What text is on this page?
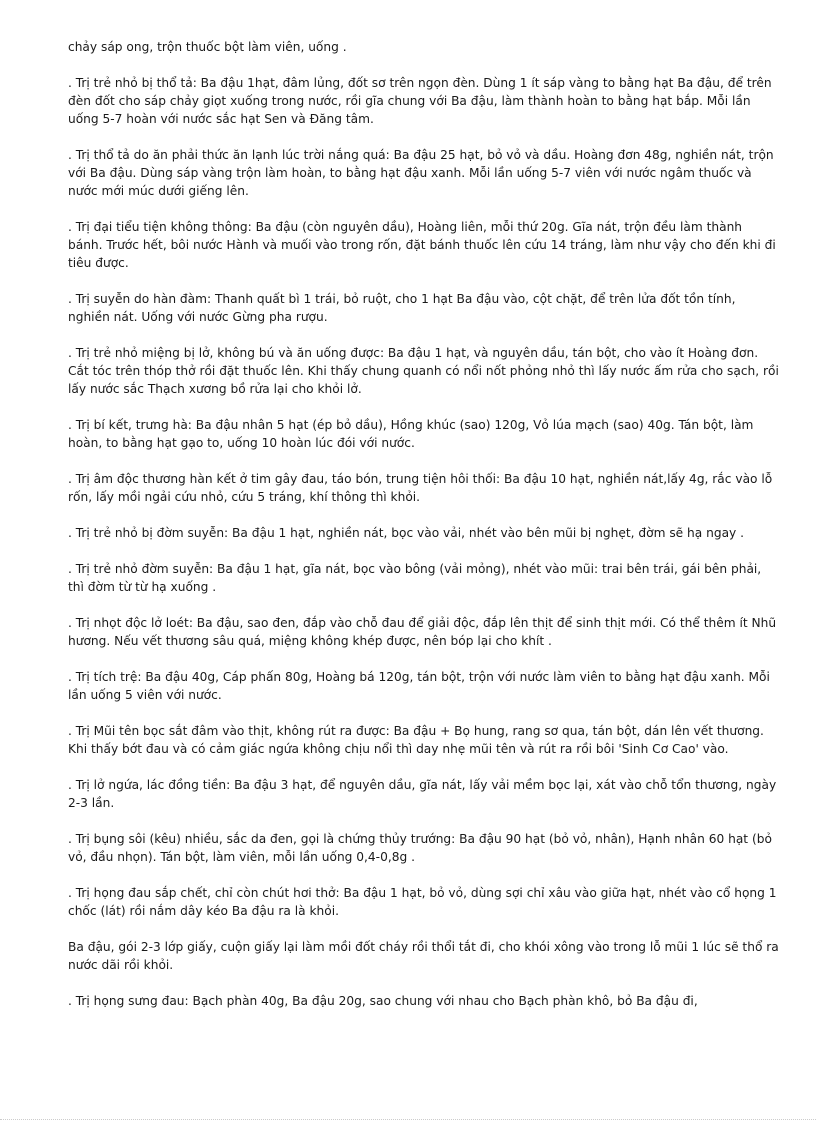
chảy sáp ong, trộn thuốc bột làm viên, uống .

. Trị trẻ nhỏ bị thổ tả: Ba đậu 1hạt, đâm lủng, đốt sơ trên ngọn đèn. Dùng 1 ít sáp vàng to bằng hạt Ba đậu, để trên đèn đốt cho sáp chảy giọt xuống trong nước, rồi gĩa chung với Ba đậu, làm thành hoàn to bằng hạt bắp. Mỗi lần uống 5-7 hoàn với nước sắc hạt Sen và Đăng tâm.

. Trị thổ tả do ăn phải thức ăn lạnh lúc trời nắng quá: Ba đậu 25 hạt, bỏ vỏ và dầu. Hoàng đơn 48g, nghiền nát, trộn với Ba đậu. Dùng sáp vàng trộn làm hoàn, to bằng hạt đậu xanh. Mỗi lần uống 5-7 viên với nước ngâm thuốc và nước mới múc dưới giếng lên.

. Trị đại tiểu tiện không thông: Ba đậu (còn nguyên dầu), Hoàng liên, mỗi thứ 20g. Gĩa nát, trộn đều làm thành bánh. Trước hết, bôi nước Hành và muối vào trong rốn, đặt bánh thuốc lên cứu 14 tráng, làm như vậy cho đến khi đi tiêu được.

. Trị suyễn do hàn đàm: Thanh quất bì 1 trái, bỏ ruột, cho 1 hạt Ba đậu vào, cột chặt, để trên lửa đốt tồn tính, nghiền nát. Uống với nước Gừng pha rượu.

. Trị trẻ nhỏ miệng bị lở, không bú và ăn uống được: Ba đậu 1 hạt, và nguyên dầu, tán bột, cho vào ít Hoàng đơn. Cắt tóc trên thóp thở rồi đặt thuốc lên. Khi thấy chung quanh có nổi nốt phỏng nhỏ thì lấy nước ấm rửa cho sạch, rồi lấy nước sắc Thạch xương bồ rửa lại cho khỏi lở.

. Trị bí kết, trưng hà: Ba đậu nhân 5 hạt (ép bỏ dầu), Hồng khúc (sao) 120g, Vỏ lúa mạch (sao) 40g. Tán bột, làm hoàn, to bằng hạt gạo to, uống 10 hoàn lúc đói với nước.

. Trị âm độc thương hàn kết ở tim gây đau, táo bón, trung tiện hôi thối: Ba đậu 10 hạt, nghiền nát,lấy 4g, rắc vào lỗ rốn, lấy mồi ngải cứu nhỏ, cứu 5 tráng, khí thông thì khỏi.

. Trị trẻ nhỏ bị đờm suyễn: Ba đậu 1 hạt, nghiền nát, bọc vào vải, nhét vào bên mũi bị nghẹt, đờm sẽ hạ ngay .

. Trị trẻ nhỏ đờm suyễn: Ba đậu 1 hạt, gĩa nát, bọc vào bông (vải mỏng), nhét vào mũi: trai bên trái, gái bên phải, thì đờm từ từ hạ xuống .

. Trị nhọt độc lở loét: Ba đậu, sao đen, đắp vào chỗ đau để giải độc, đắp lên thịt để sinh thịt mới. Có thể thêm ít Nhũ hương. Nếu vết thương sâu quá, miệng không khép được, nên bóp lại cho khít .

. Trị tích trệ: Ba đậu 40g, Cáp phấn 80g, Hoàng bá 120g, tán bột, trộn với nước làm viên to bằng hạt đậu xanh. Mỗi lần uống 5 viên với nước.

. Trị Mũi tên bọc sắt đâm vào thịt, không rút ra được: Ba đậu + Bọ hung, rang sơ qua, tán bột, dán lên vết thương. Khi thấy bớt đau và có cảm giác ngứa không chịu nổi thì day nhẹ mũi tên và rút ra rồi bôi 'Sinh Cơ Cao' vào.

. Trị lở ngứa, lác đồng tiền: Ba đậu 3 hạt, để nguyên dầu, gĩa nát, lấy vải mềm bọc lại, xát vào chỗ tổn thương, ngày 2-3 lần.

. Trị bụng sôi (kêu) nhiều, sắc da đen, gọi là chứng thủy trướng: Ba đậu 90 hạt (bỏ vỏ, nhân), Hạnh nhân 60 hạt (bỏ vỏ, đầu nhọn). Tán bột, làm viên, mỗi lần uống 0,4-0,8g .

. Trị họng đau sắp chết, chỉ còn chút hơi thở: Ba đậu 1 hạt, bỏ vỏ, dùng sợi chỉ xâu vào giữa hạt, nhét vào cổ họng 1 chốc (lát) rồi nắm dây kéo Ba đậu ra là khỏi.

Ba đậu, gói 2-3 lớp giấy, cuộn giấy lại làm mồi đốt cháy rồi thổi tắt đi, cho khói xông vào trong lỗ mũi 1 lúc sẽ thổ ra nước dãi rồi khỏi.

. Trị họng sưng đau: Bạch phàn 40g, Ba đậu 20g, sao chung với nhau cho Bạch phàn khô, bỏ Ba đậu đi,
